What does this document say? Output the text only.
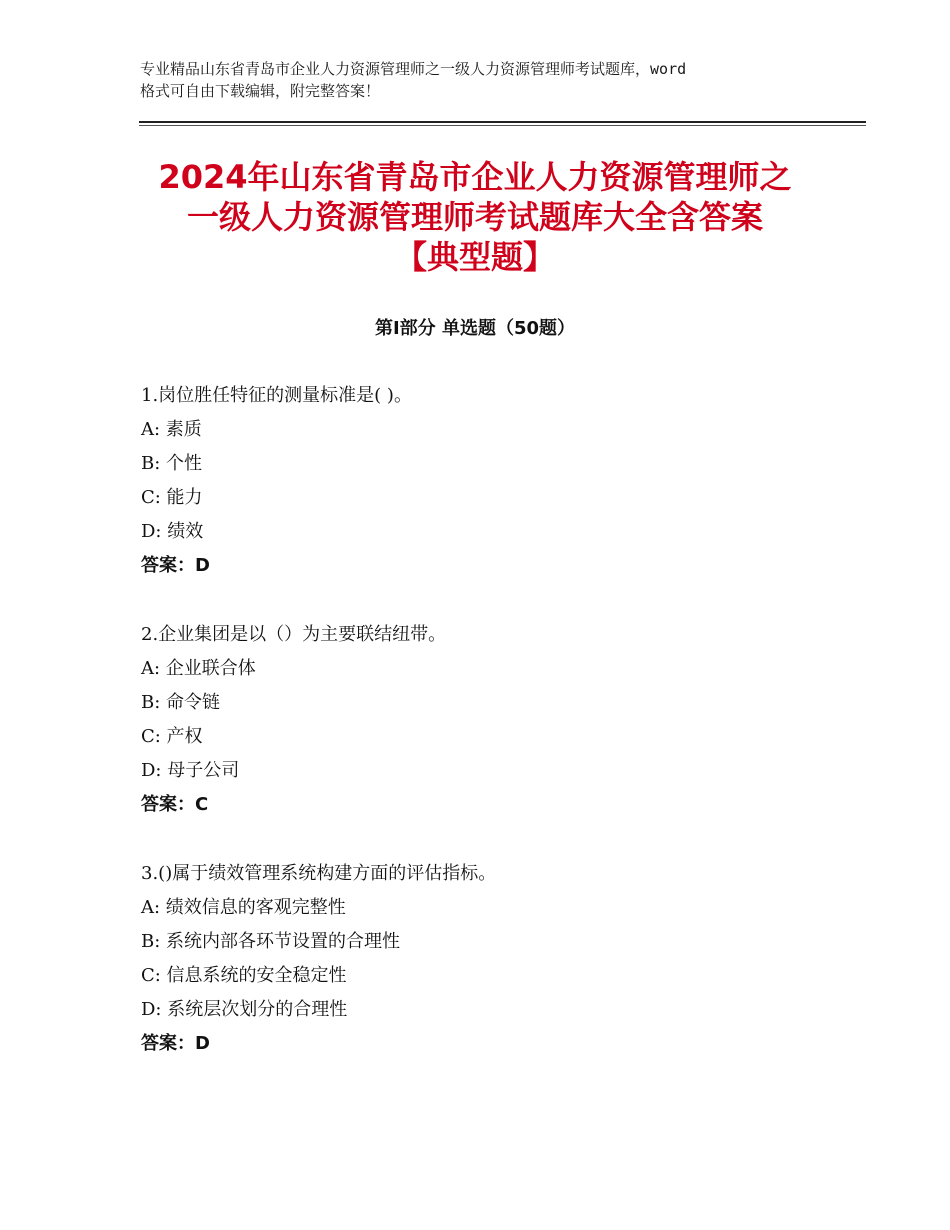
专业精品山东省青岛市企业人力资源管理师之一级人力资源管理师考试题库，word
格式可自由下载编辑，附完整答案！
2024年山东省青岛市企业人力资源管理师之
一级人力资源管理师考试题库大全含答案
【典型题】
第Ⅰ部分 单选题（50题）
1.岗位胜任特征的测量标准是( )。
A: 素质
B: 个性
C: 能力
D: 绩效
答案：D
2.企业集团是以（）为主要联结纽带。
A: 企业联合体
B: 命令链
C: 产权
D: 母子公司
答案：C
3.()属于绩效管理系统构建方面的评估指标。
A: 绩效信息的客观完整性
B: 系统内部各环节设置的合理性
C: 信息系统的安全稳定性
D: 系统层次划分的合理性
答案：D
